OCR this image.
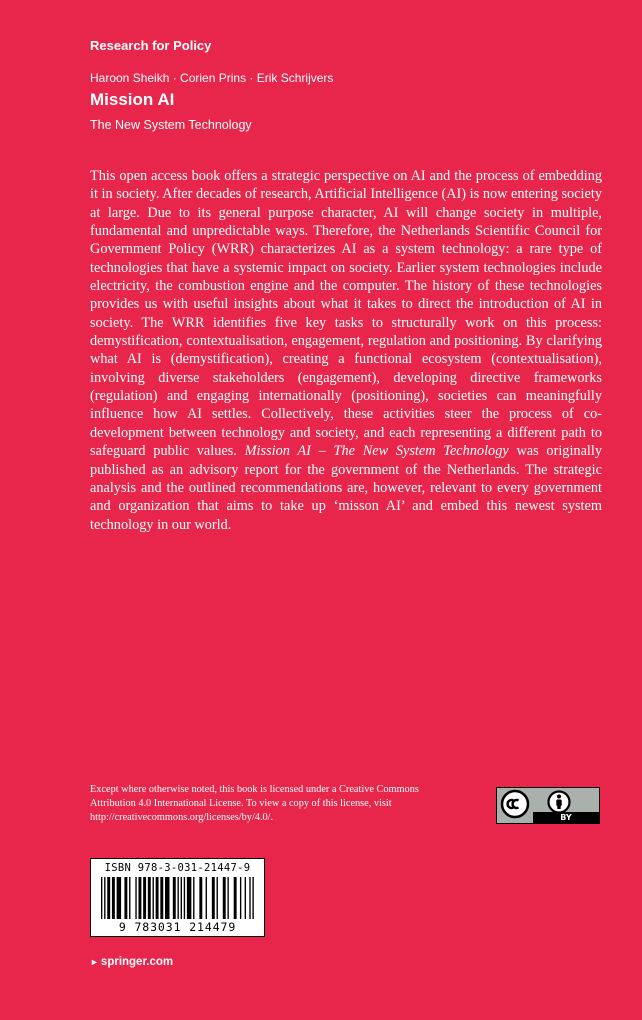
Research for Policy
Haroon Sheikh · Corien Prins · Erik Schrijvers
Mission AI
The New System Technology

This open access book offers a strategic perspective on AI and the process of embedding it in society. After decades of research, Artificial Intelligence (AI) is now entering society at large. Due to its general purpose character, AI will change society in multiple, fundamental and unpredictable ways. Therefore, the Netherlands Scientific Council for Government Policy (WRR) characterizes AI as a system technology: a rare type of technologies that have a systemic impact on society. Earlier system technologies include electricity, the combustion engine and the computer. The history of these technologies provides us with useful insights about what it takes to direct the introduction of AI in society. The WRR identifies five key tasks to structurally work on this process: demystification, contextualisation, engagement, regulation and positioning. By clarifying what AI is (demystification), creating a functional ecosystem (contextualisation), involving diverse stakeholders (engagement), developing directive frameworks (regulation) and engaging internationally (positioning), societies can meaningfully influence how AI settles. Collectively, these activities steer the process of co-development between technology and society, and each representing a different path to safeguard public values. Mission AI – The New System Technology was originally published as an advisory report for the government of the Netherlands. The strategic analysis and the outlined recommendations are, however, relevant to every government and organization that aims to take up ‘misson AI’ and embed this newest system technology in our world.

Except where otherwise noted, this book is licensed under a Creative Commons Attribution 4.0 International License. To view a copy of this license, visit http://creativecommons.org/licenses/by/4.0/.	BY
ISBN 978-3-031-21447-9
9 783031 214479
► springer.com
